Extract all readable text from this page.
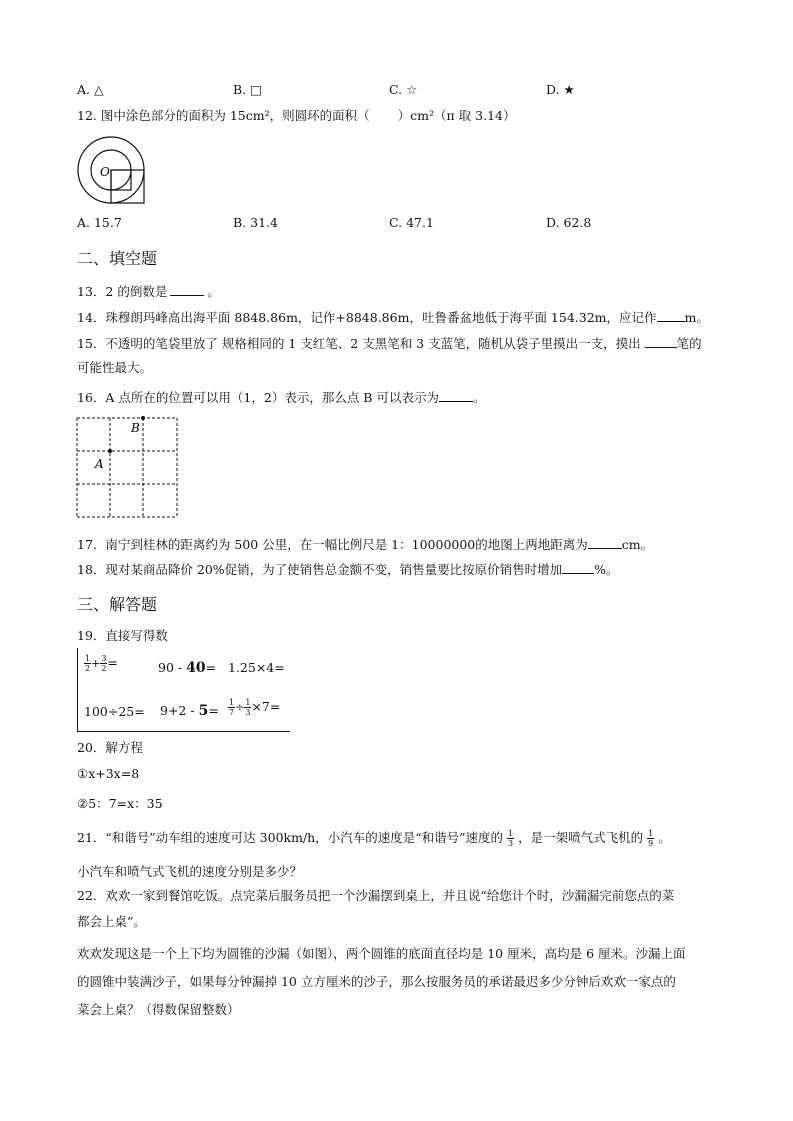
A. △	B. □	C. ☆	D. ★
12. 图中涂色部分的面积为 15cm²，则圆环的面积（ ）cm²（π 取 3.14）
O
A. 15.7	B. 31.4	C. 47.1	D. 62.8
二、填空题
13．2 的倒数是	。
14．珠穆朗玛峰高出海平面 8848.86m，记作+8848.86m，吐鲁番盆地低于海平面 154.32m，应记作 m。
15．不透明的笔袋里放了 规格相同的 1 支红笔、2 支黑笔和 3 支蓝笔，随机从袋子里摸出一支，摸出	笔的
可能性最大。
16．A 点所在的位置可以用（1，2）表示，那么点 B 可以表示为	。
B
A
17．南宁到桂林的距离约为 500 公里，在一幅比例尺是 1：10000000的地图上两地距离为	cm。
18．现对某商品降价 20%促销，为了使销售总金额不变，销售量要比按原价销售时增加	%。
三、解答题
19．直接写得数
$\frac{1}{2} + \frac{3}{2}$ =	90 - 40= 1.25×4=
$100\div 25= 9+2 - 5= \frac{1}{7} \div \frac{1}{3} \times 7=$
20．解方程
①x+3x=8
②5：7=x：35
21．“和谐号”动车组的速度可达 300km/h，小汽车的速度是“和谐号”速度的 $\frac{1}{3}$ ，是一架喷气式飞机的 $\frac{1}{9}$ 。
小汽车和喷气式飞机的速度分别是多少？
22．欢欢一家到餐馆吃饭。点完菜后服务员把一个沙漏摆到桌上，并且说“给您计个时，沙漏漏完前您点的菜
都会上桌”。
欢欢发现这是一个上下均为圆锥的沙漏（如图），两个圆锥的底面直径均是 10 厘米，高均是 6 厘米。沙漏上面
的圆锥中装满沙子，如果每分钟漏掉 10 立方厘米的沙子，那么按服务员的承诺最迟多少分钟后欢欢一家点的
菜会上桌？（得数保留整数）
